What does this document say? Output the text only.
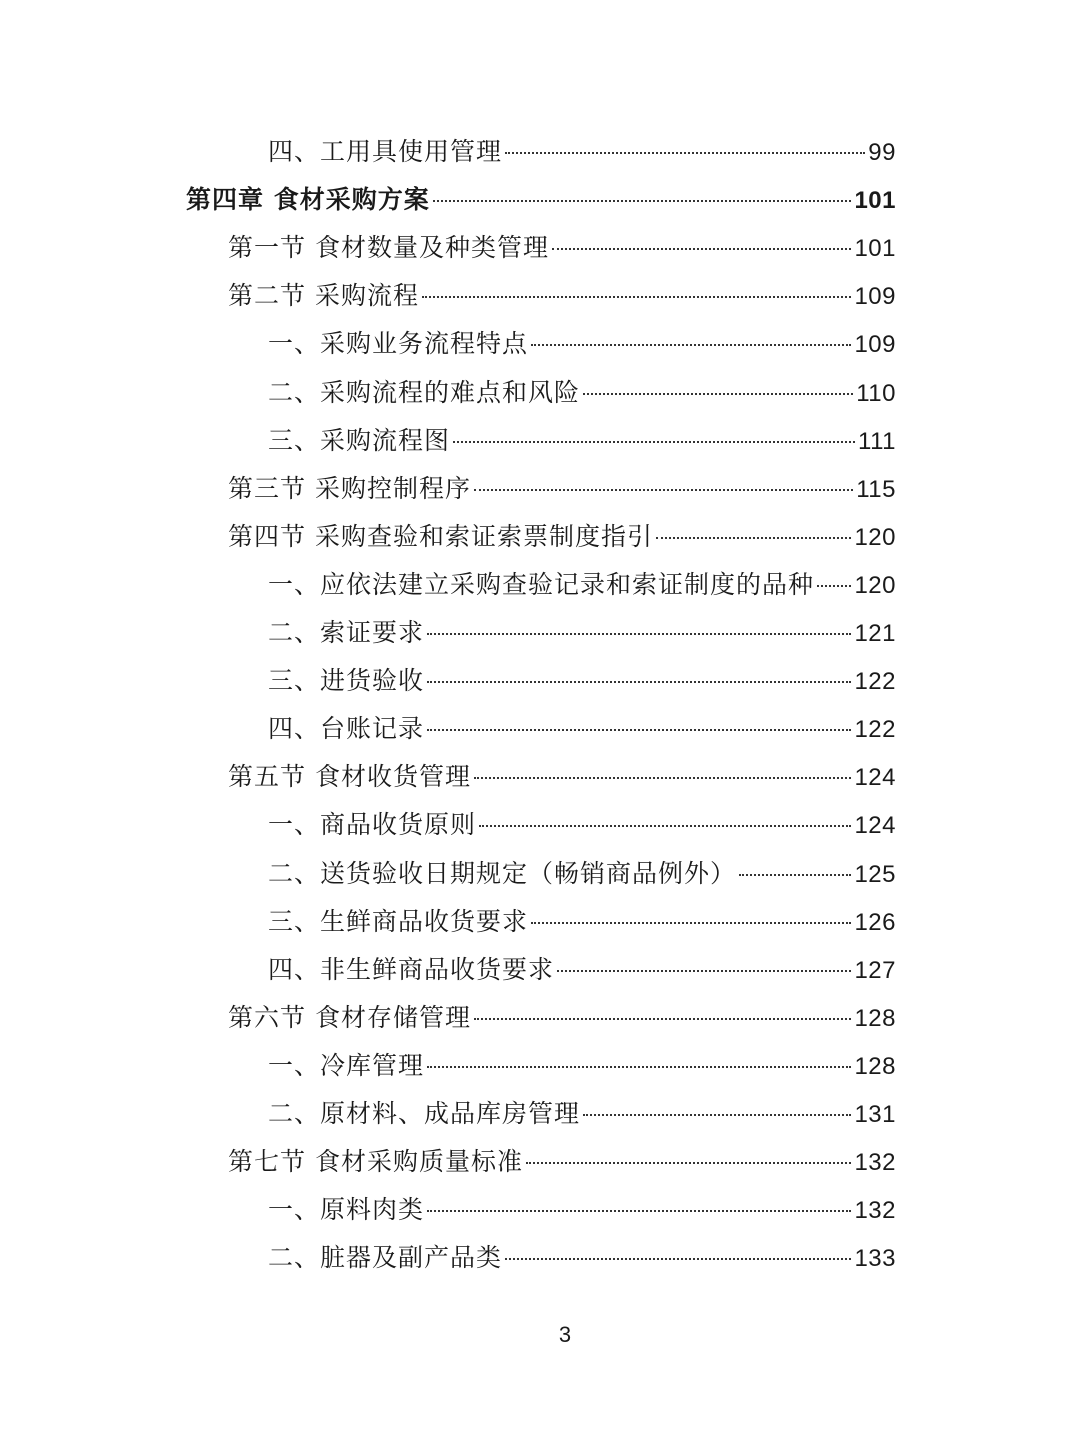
四、工用具使用管理	99
第四章 食材采购方案	101
第一节 食材数量及种类管理	101
第二节 采购流程	109
一、采购业务流程特点	109
二、采购流程的难点和风险	110
三、采购流程图	111
第三节 采购控制程序	115
第四节 采购查验和索证索票制度指引	120
一、应依法建立采购查验记录和索证制度的品种 120
二、索证要求	121
三、进货验收	122
四、台账记录	122
第五节 食材收货管理	124
一、商品收货原则	124
二、送货验收日期规定（畅销商品例外）	125
三、生鲜商品收货要求	126
四、非生鲜商品收货要求	127
第六节 食材存储管理	128
一、冷库管理	128
二、原材料、成品库房管理	131
第七节 食材采购质量标准	132
一、原料肉类	132
二、脏器及副产品类	133
3
